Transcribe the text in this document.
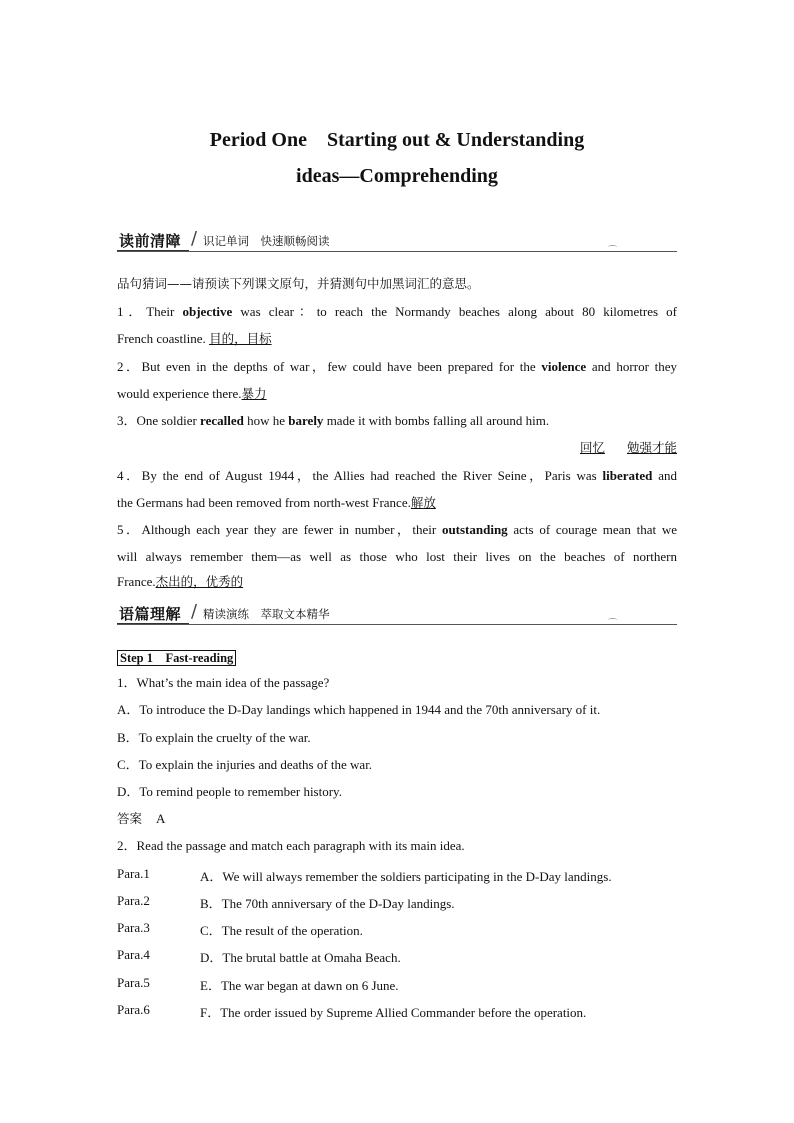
Period One　Starting out & Understanding
ideas—Comprehending
读前清障 / 识记单词　快速顺畅阅读
⌒
品句猜词——请预读下列课文原句，并猜测句中加黑词汇的意思。
1．Their objective was clear：to reach the Normandy beaches along about 80 kilometres of
French coastline. 目的，目标
2．But even in the depths of war，few could have been prepared for the violence and horror they
would experience there.暴力
3．One soldier recalled how he barely made it with bombs falling all around him.
回忆 勉强才能
4．By the end of August 1944，the Allies had reached the River Seine，Paris was liberated and
the Germans had been removed from north-west France.解放
5．Although each year they are fewer in number，their outstanding acts of courage mean that we
will always remember them—as well as those who lost their lives on the beaches of northern
France.杰出的，优秀的
语篇理解 / 精读演练　萃取文本精华
⌒
Step 1　Fast-reading
1．What’s the main idea of the passage?
A．To introduce the D-Day landings which happened in 1944 and the 70th anniversary of it.
B．To explain the cruelty of the war.
C．To explain the injuries and deaths of the war.
D．To remind people to remember history.
答案 A
2．Read the passage and match each paragraph with its main idea.
Para.1	A．We will always remember the soldiers participating in the D-Day landings.
Para.2	B．The 70th anniversary of the D-Day landings.
Para.3	C．The result of the operation.
Para.4	D．The brutal battle at Omaha Beach.
Para.5	E．The war began at dawn on 6 June.
Para.6	F．The order issued by Supreme Allied Commander before the operation.
